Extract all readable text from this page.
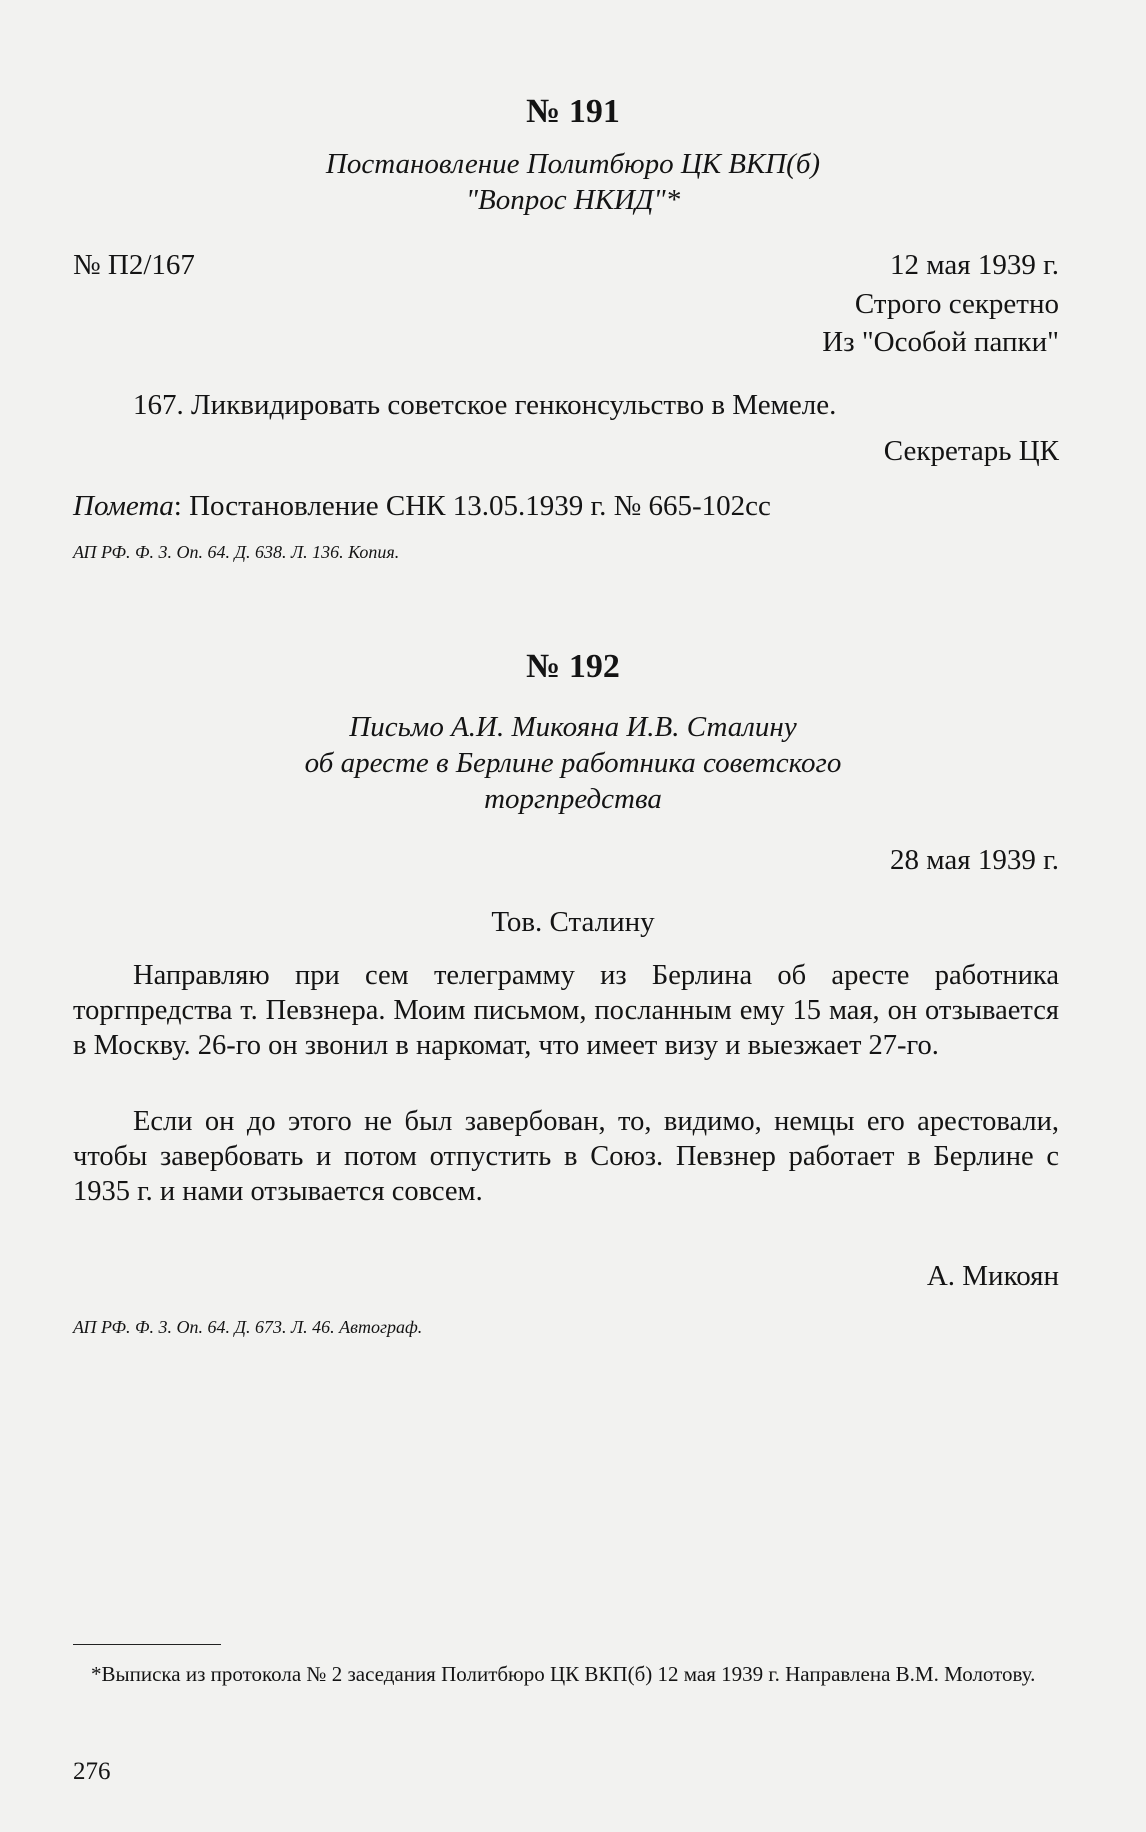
№ 191
Постановление Политбюро ЦК ВКП(б)
"Вопрос НКИД"*
№ П2/167	12 мая 1939 г.
Строго секретно
Из "Особой папки"
167. Ликвидировать советское генконсульство в Мемеле.
Секретарь ЦК
Пометa: Постановление СНК 13.05.1939 г. № 665-102сс
АП РФ. Ф. 3. Оп. 64. Д. 638. Л. 136. Копия.
№ 192
Письмо А.И. Микояна И.В. Сталину
об аресте в Берлине работника советского
торгпредства
28 мая 1939 г.
Тов. Сталину
Направляю при сем телеграмму из Берлина об аресте работника торгпредства т. Певзнера. Моим письмом, посланным ему 15 мая, он отзывается в Москву. 26-го он звонил в наркомат, что имеет визу и выезжает 27-го.
Если он до этого не был завербован, то, видимо, немцы его арестовали, чтобы завербовать и потом отпустить в Союз. Певзнер работает в Берлине с 1935 г. и нами отзывается совсем.
А. Микоян
АП РФ. Ф. 3. Оп. 64. Д. 673. Л. 46. Автограф.
*Выписка из протокола № 2 заседания Политбюро ЦК ВКП(б) 12 мая 1939 г. Направлена В.М. Молотову.
276
